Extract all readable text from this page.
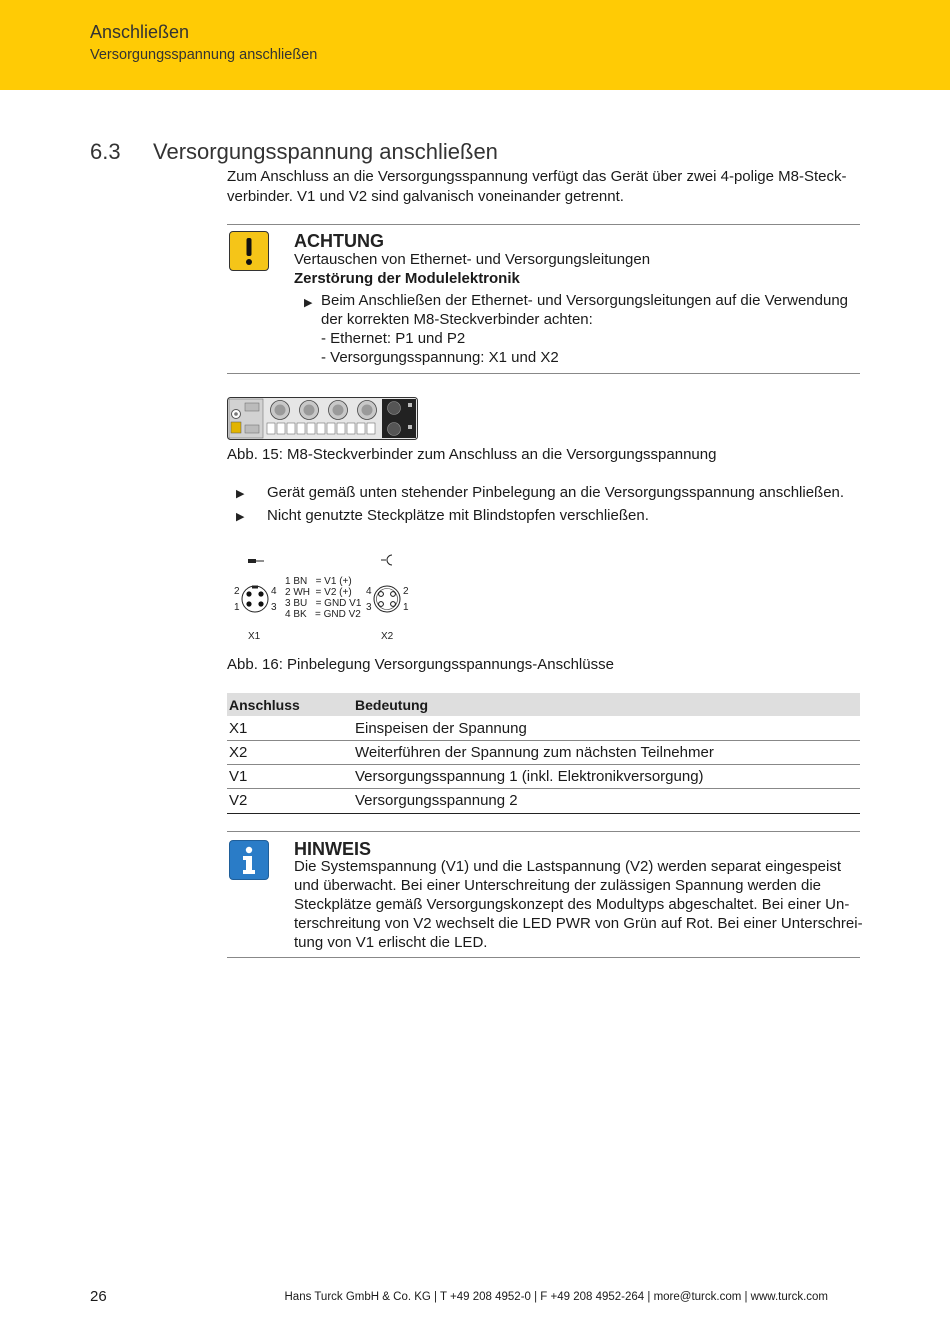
Anschließen
Versorgungsspannung anschließen
6.3 Versorgungsspannung anschließen
Zum Anschluss an die Versorgungsspannung verfügt das Gerät über zwei 4-polige M8-Steck-
verbinder. V1 und V2 sind galvanisch voneinander getrennt.
ACHTUNG
Vertauschen von Ethernet- und Versorgungsleitungen
Zerstörung der Modulelektronik
▶ Beim Anschließen der Ethernet- und Versorgungsleitungen auf die Verwendung
der korrekten M8-Steckverbinder achten:
- Ethernet: P1 und P2
- Versorgungsspannung: X1 und X2
Abb. 15: M8-Steckverbinder zum Anschluss an die Versorgungsspannung
▶ Gerät gemäß unten stehender Pinbelegung an die Versorgungsspannung anschließen.
▶ Nicht genutzte Steckplätze mit Blindstopfen verschließen.
2	4
1	3
1 BN   = V1 (+)
2 WH  = V2 (+)
3 BU   = GND V1
4 BK   = GND V2
4	2
3	1
X1	X2
Abb. 16: Pinbelegung Versorgungsspannungs-Anschlüsse
Anschluss	Bedeutung
X1	Einspeisen der Spannung
X2	Weiterführen der Spannung zum nächsten Teilnehmer
V1	Versorgungsspannung 1 (inkl. Elektronikversorgung)
V2	Versorgungsspannung 2
HINWEIS
Die Systemspannung (V1) und die Lastspannung (V2) werden separat eingespeist
und überwacht. Bei einer Unterschreitung der zulässigen Spannung werden die
Steckplätze gemäß Versorgungskonzept des Modultyps abgeschaltet. Bei einer Un-
terschreitung von V2 wechselt die LED PWR von Grün auf Rot. Bei einer Unterschrei-
tung von V1 erlischt die LED.
26	Hans Turck GmbH & Co. KG | T +49 208 4952-0 | F +49 208 4952-264 | more@turck.com | www.turck.com
